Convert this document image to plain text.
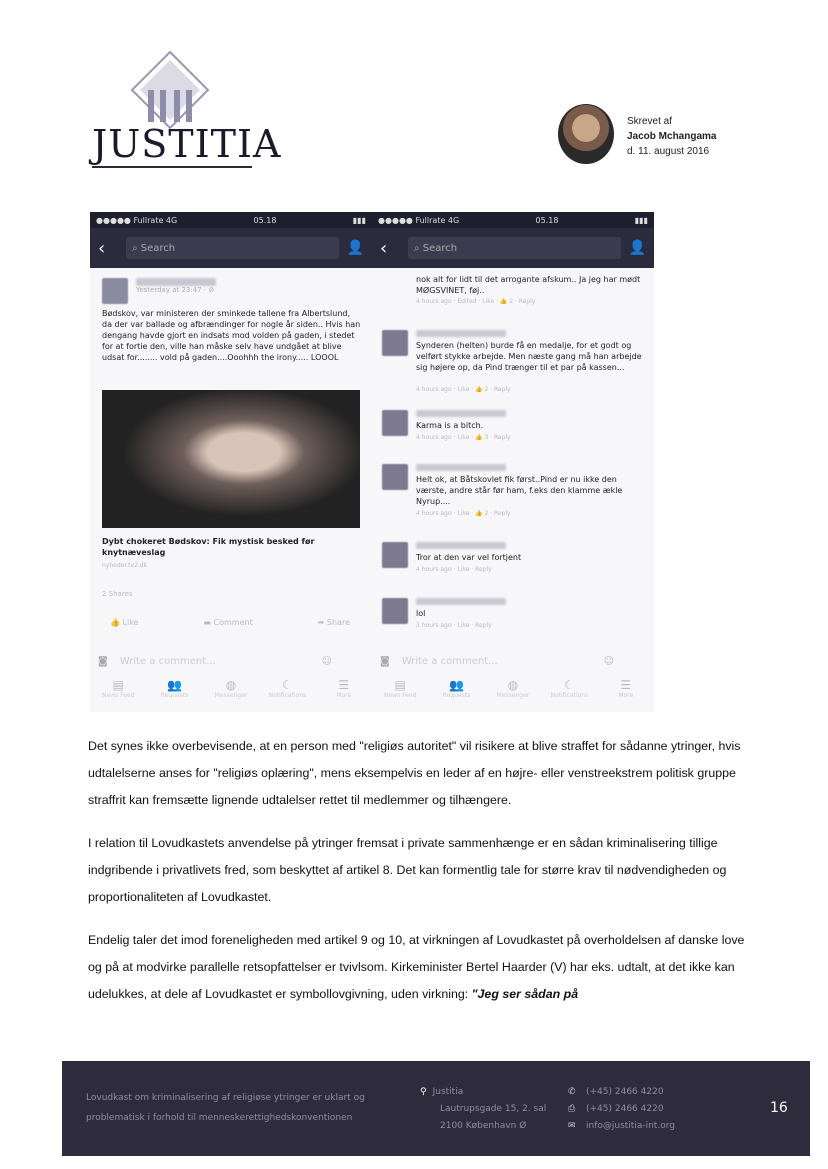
JUSTITIA
Skrevet af
Jacob Mchangama
d. 11. august 2016
●●●●● Fullrate 4G	05.18	▮▮▮
‹	⌕ Search	👤
Yesterday at 23:47 · ⊘
Bødskov, var ministeren der sminkede tallene fra Albertslund, da der var ballade og afbrændinger for nogle år siden.. Hvis han dengang havde gjort en indsats mod volden på gaden, i stedet for at fortie den, ville han måske selv have undgået at blive udsat for........ vold på gaden....Ooohhh the irony..... LOOOL
Dybt chokeret Bødskov: Fik mystisk besked før knytnæveslag
nyheder.tv2.dk
2 Shares
👍 Like	▬ Comment	➦ Share
◙ Write a comment...	☺
▤
News Feed
👥
Requests
◍
Messenger
☾
Notifications
☰
More
●●●●● Fullrate 4G	05.18	▮▮▮
‹	⌕ Search	👤
nok alt for lidt til det arrogante afskum.. Ja jeg har mødt MØGSVINET, føj..
4 hours ago · Edited · Like · 👍 2 · Reply
Synderen (helten) burde få en medalje, for et godt og velført stykke arbejde. Men næste gang må han arbejde sig højere op, da Pind trænger til et par på kassen...
4 hours ago · Like · 👍 2 · Reply
Karma is a bitch.
4 hours ago · Like · 👍 3 · Reply
Helt ok, at Båtskovlet fik først..Pind er nu ikke den værste, andre står før ham, f.eks den klamme ækle Nyrup....
4 hours ago · Like · 👍 2 · Reply
Tror at den var vel fortjent
4 hours ago · Like · Reply
lol
3 hours ago · Like · Reply
◙ Write a comment...	☺
▤
News Feed
👥
Requests
◍
Messenger
☾
Notifications
☰
More

Det synes ikke overbevisende, at en person med "religiøs autoritet" vil risikere at blive straffet for sådanne ytringer, hvis udtalelserne anses for "religiøs oplæring", mens eksempelvis en leder af en højre- eller venstreekstrem politisk gruppe straffrit kan fremsætte lignende udtalelser rettet til medlemmer og tilhængere.

I relation til Lovudkastets anvendelse på ytringer fremsat i private sammenhænge er en sådan kriminalisering tillige indgribende i privatlivets fred, som beskyttet af artikel 8. Det kan formentlig tale for større krav til nødvendigheden og proportionaliteten af Lovudkastet.

Endelig taler det imod foreneligheden med artikel 9 og 10, at virkningen af Lovudkastet på overholdelsen af danske love og på at modvirke parallelle retsopfattelser er tvivlsom. Kirkeminister Bertel Haarder (V) har eks. udtalt, at det ikke kan udelukkes, at dele af Lovudkastet er symbollovgivning, uden virkning: "Jeg ser sådan på

Lovudkast om kriminalisering af religiøse ytringer er uklart og
problematisk i forhold til menneskerettighedskonventionen
⚲ Justitia
Lautrupsgade 15, 2. sal
2100 København Ø
✆ (+45) 2466 4220
⎙ (+45) 2466 4220
✉ info@justitia-int.org
16
